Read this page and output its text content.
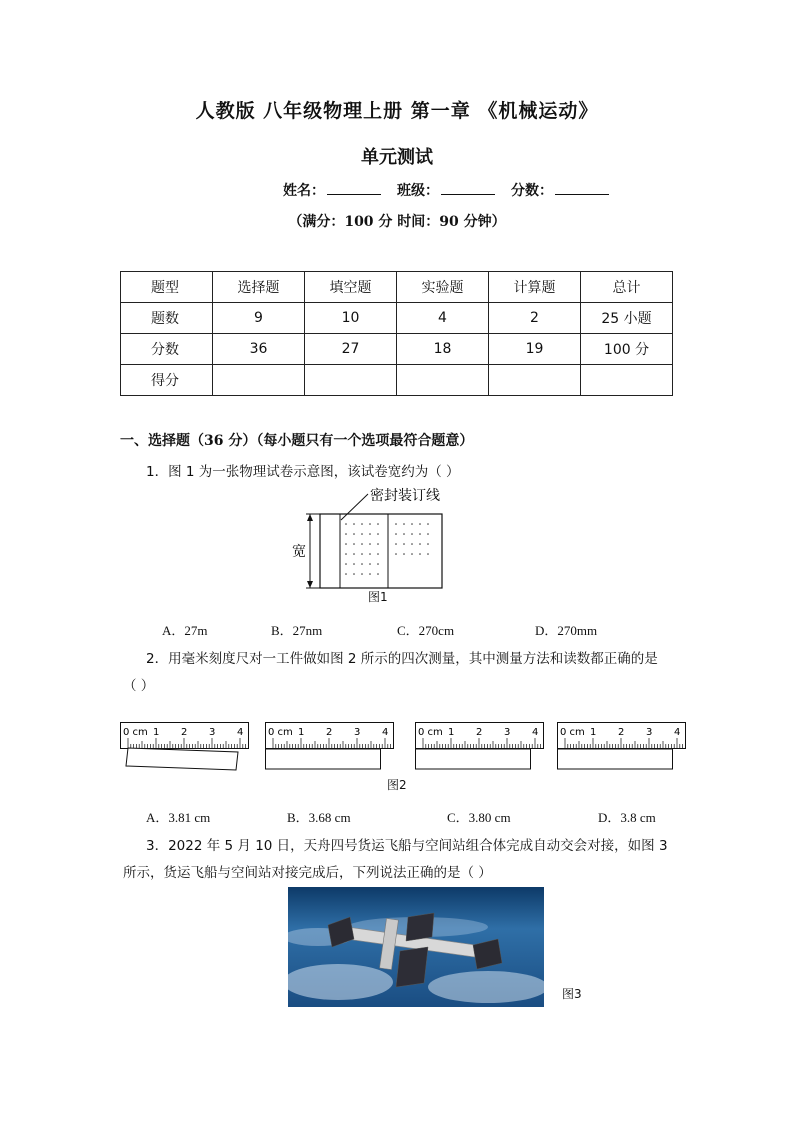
人教版 八年级物理上册 第一章 《机械运动》
单元测试
姓名：	班级：	分数：
（满分：100 分 时间：90 分钟）
题型	选择题	填空题	实验题	计算题	总计
题数	9	10	4	2	25 小题
分数	36	27	18	19	100 分
得分					
一、选择题（36 分）（每小题只有一个选项最符合题意）
1．图 1 为一张物理试卷示意图，该试卷宽约为（ ）
密封装订线
宽
图1
A．27m	B．27nm	C．270cm	D．270mm
2．用毫米刻度尺对一工件做如图 2 所示的四次测量，其中测量方法和读数都正确的是
（ ）
0 cm 1 2 3 4 0 cm 1 2 3 4	0 cm 1 2 3 4 0 cm 1 2 3 4
图2
A．3.81 cm	B．3.68 cm	C．3.80 cm	D．3.8 cm
3．2022 年 5 月 10 日，天舟四号货运飞船与空间站组合体完成自动交会对接，如图 3
所示，货运飞船与空间站对接完成后，下列说法正确的是（ ）
图3
